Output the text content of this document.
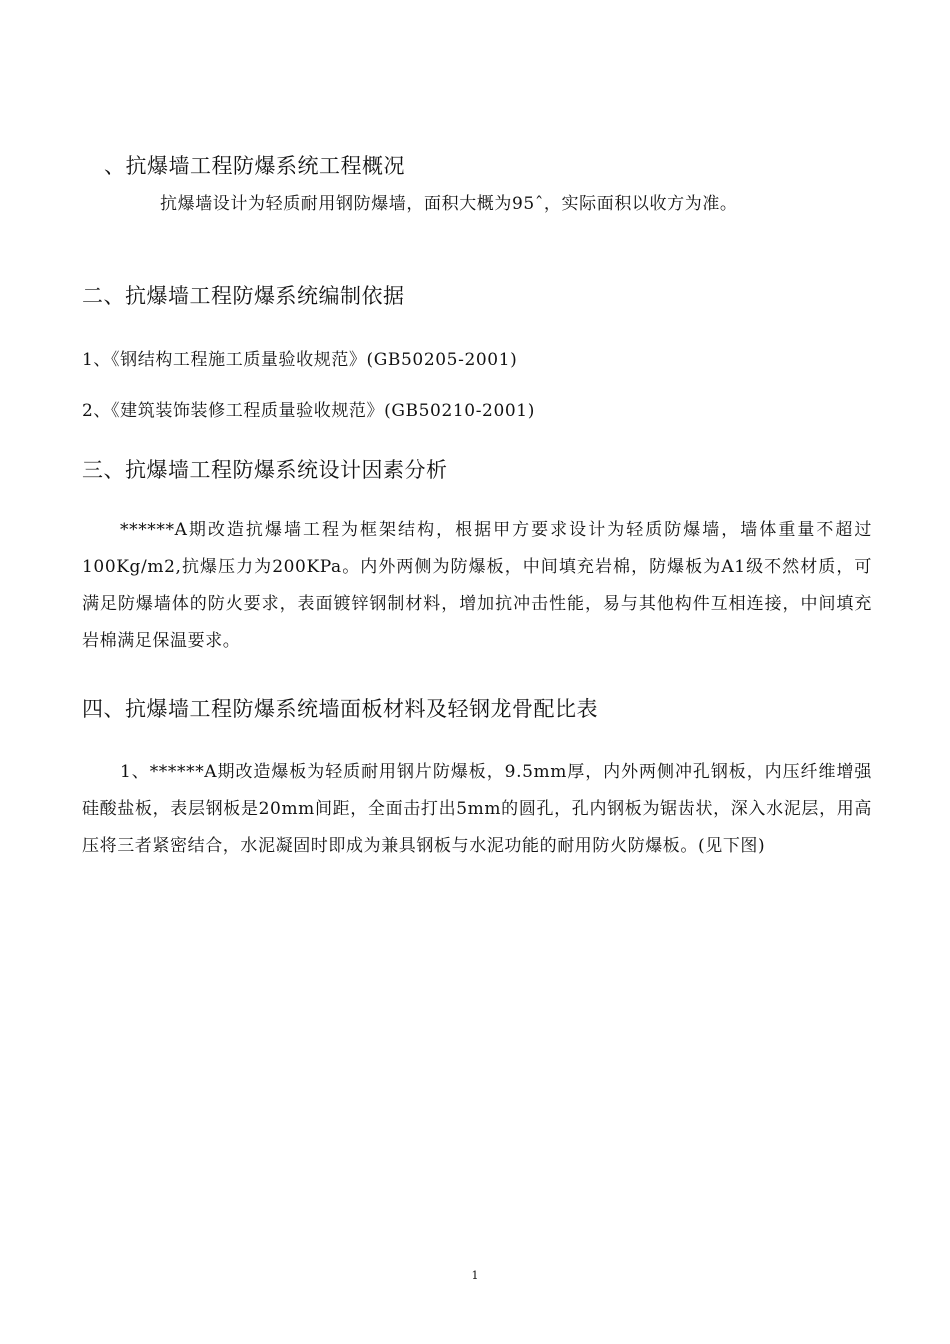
、抗爆墙工程防爆系统工程概况
抗爆墙设计为轻质耐用钢防爆墙，面积大概为95ˆ，实际面积以收方为准。
二、抗爆墙工程防爆系统编制依据
1、《钢结构工程施工质量验收规范》(GB50205-2001)
2、《建筑装饰装修工程质量验收规范》(GB50210-2001)
三、抗爆墙工程防爆系统设计因素分析
******A期改造抗爆墙工程为框架结构，根据甲方要求设计为轻质防爆墙，墙体重量不超过100Kg/m2,抗爆压力为200KPa。内外两侧为防爆板，中间填充岩棉，防爆板为A1级不然材质，可满足防爆墙体的防火要求，表面镀锌钢制材料，增加抗冲击性能，易与其他构件互相连接，中间填充岩棉满足保温要求。
四、抗爆墙工程防爆系统墙面板材料及轻钢龙骨配比表
1、******A期改造爆板为轻质耐用钢片防爆板，9.5mm厚，内外两侧冲孔钢板，内压纤维增强硅酸盐板，表层钢板是20mm间距，全面击打出5mm的圆孔，孔内钢板为锯齿状，深入水泥层，用高压将三者紧密结合，水泥凝固时即成为兼具钢板与水泥功能的耐用防火防爆板。(见下图)
1
